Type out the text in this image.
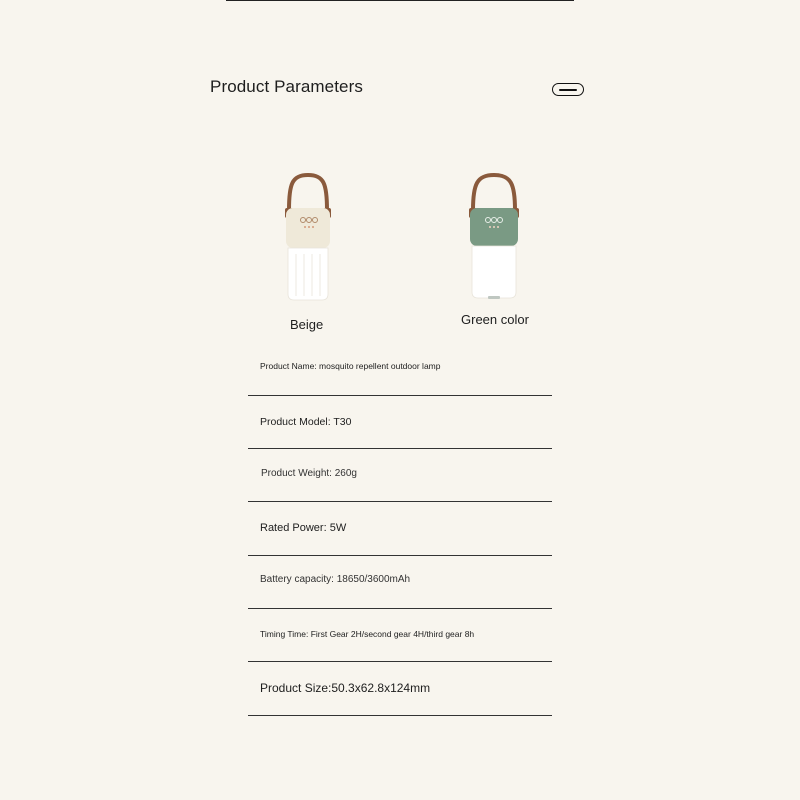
Product Parameters
Beige	Green color
Product Name: mosquito repellent outdoor lamp
Product Model: T30
Product Weight: 260g
Rated Power: 5W
Battery capacity: 18650/3600mAh
Timing Time: First Gear 2H/second gear 4H/third gear 8h
Product Size:50.3x62.8x124mm
